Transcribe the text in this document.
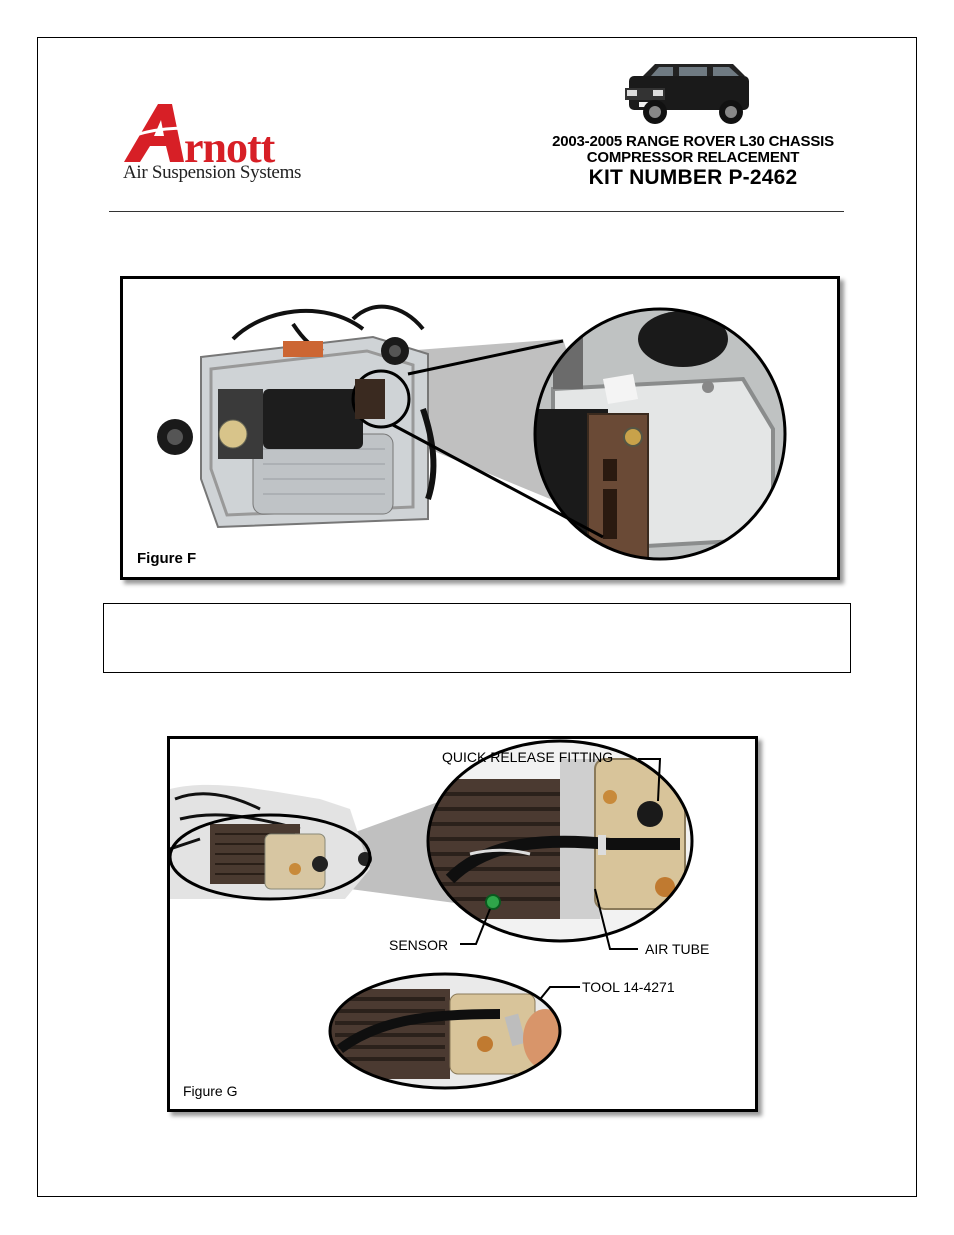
rnott
Air Suspension Systems
2003-2005 RANGE ROVER L30 CHASSIS
COMPRESSOR RELACEMENT
KIT NUMBER P-2462
Figure F
QUICK RELEASE FITTING
SENSOR	AIR TUBE
TOOL 14-4271
Figure G
